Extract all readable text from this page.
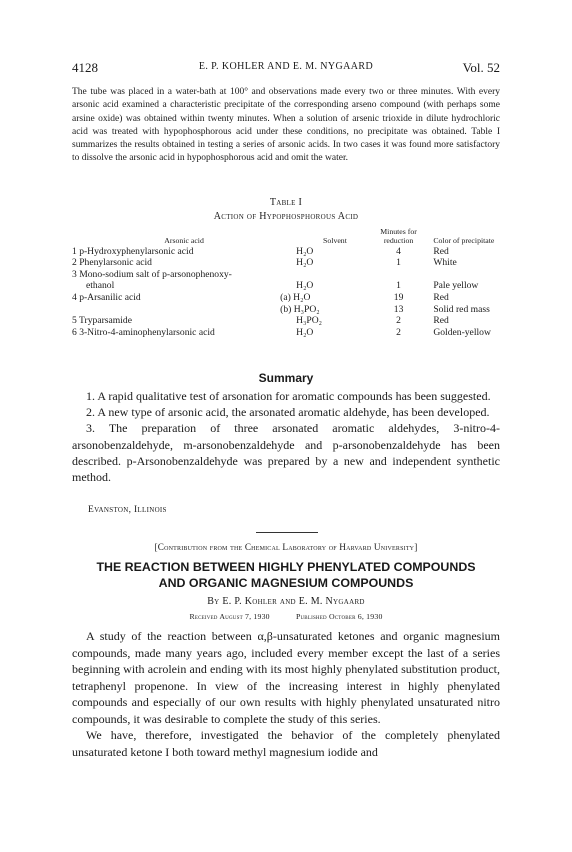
4128	E. P. KOHLER AND E. M. NYGAARD	Vol. 52
The tube was placed in a water-bath at 100° and observations made every two or three minutes. With every arsonic acid examined a characteristic precipitate of the corresponding arseno compound (with perhaps some arsine oxide) was obtained within twenty minutes. When a solution of arsenic trioxide in dilute hydrochloric acid was treated with hypophosphorous acid under these conditions, no precipitate was obtained. Table I summarizes the results obtained in testing a series of arsonic acids. In two cases it was found more satisfactory to dissolve the arsonic acid in hypophosphorous acid and omit the water.
Table I
Action of Hypophosphorous Acid
Arsonic acid	Solvent	Minutes for reduction	Color of precipitate
1 p-Hydroxyphenylarsonic acid	H₂O	4	Red
2 Phenylarsonic acid	H₂O	1	White
3 Mono-sodium salt of p-arsonophenoxy-			
ethanol	H₂O	1	Pale yellow
4 p-Arsanilic acid	(a) H₂O	19	Red
	(b) H₃PO₂	13	Solid red mass
5 Tryparsamide	H₃PO₂	2	Red
6 3-Nitro-4-aminophenylarsonic acid	H₂O	2	Golden-yellow
Summary

1. A rapid qualitative test of arsonation for aromatic compounds has been suggested.

2. A new type of arsonic acid, the arsonated aromatic aldehyde, has been developed.

3. The preparation of three arsonated aromatic aldehydes, 3-nitro-4-arsonobenzaldehyde, m-arsonobenzaldehyde and p-arsonobenzaldehyde has been described. p-Arsonobenzaldehyde was prepared by a new and independent synthetic method.

Evanston, Illinois
[Contribution from the Chemical Laboratory of Harvard University]
THE REACTION BETWEEN HIGHLY PHENYLATED COMPOUNDS
AND ORGANIC MAGNESIUM COMPOUNDS
By E. P. Kohler and E. M. Nygaard
Received August 7, 1930	Published October 6, 1930

A study of the reaction between α,β-unsaturated ketones and organic magnesium compounds, made many years ago, included every member except the last of a series beginning with acrolein and ending with its most highly phenylated substitution product, tetraphenyl propenone. In view of the increasing interest in highly phenylated compounds and especially of our own results with highly phenylated unsaturated nitro compounds, it was desirable to complete the study of this series.

We have, therefore, investigated the behavior of the completely phenylated unsaturated ketone I both toward methyl magnesium iodide and
